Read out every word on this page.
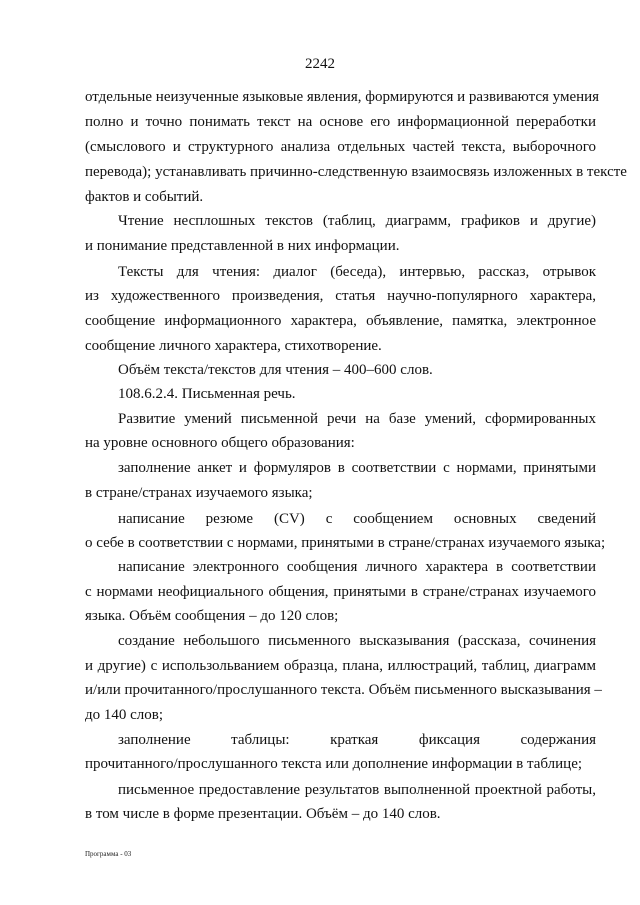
2242
отдельные неизученные языковые явления, формируются и развиваются умения
полно и точно понимать текст на основе его информационной переработки
(смыслового и структурного анализа отдельных частей текста, выборочного
перевода); устанавливать причинно-следственную взаимосвязь изложенных в тексте
фактов и событий.
Чтение несплошных текстов (таблиц, диаграмм, графиков и другие)
и понимание представленной в них информации.
Тексты для чтения: диалог (беседа), интервью, рассказ, отрывок
из художественного произведения, статья научно-популярного характера,
сообщение информационного характера, объявление, памятка, электронное
сообщение личного характера, стихотворение.
Объём текста/текстов для чтения – 400–600 слов.
108.6.2.4. Письменная речь.
Развитие умений письменной речи на базе умений, сформированных
на уровне основного общего образования:
заполнение анкет и формуляров в соответствии с нормами, принятыми
в стране/странах изучаемого языка;
написание резюме (CV) с сообщением основных сведений
о себе в соответствии с нормами, принятыми в стране/странах изучаемого языка;
написание электронного сообщения личного характера в соответствии
с нормами неофициального общения, принятыми в стране/странах изучаемого
языка. Объём сообщения – до 120 слов;
создание небольшого письменного высказывания (рассказа, сочинения
и другие) с использольванием образца, плана, иллюстраций, таблиц, диаграмм
и/или прочитанного/прослушанного текста. Объём письменного высказывания –
до 140 слов;
заполнение таблицы: краткая фиксация содержания
прочитанного/прослушанного текста или дополнение информации в таблице;
письменное предоставление результатов выполненной проектной работы,
в том числе в форме презентации. Объём – до 140 слов.
Программа - 03
